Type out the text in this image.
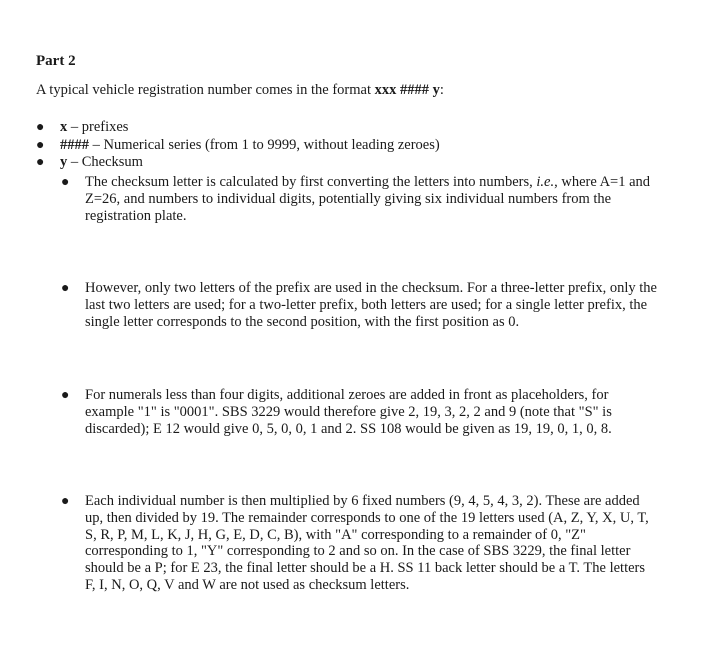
Part 2

A typical vehicle registration number comes in the format xxx #### y:

● x – prefixes
● #### – Numerical series (from 1 to 9999, without leading zeroes)
● y – Checksum
● The checksum letter is calculated by first converting the letters into numbers, i.e., where A=1 and
Z=26, and numbers to individual digits, potentially giving six individual numbers from the
registration plate.
● However, only two letters of the prefix are used in the checksum. For a three-letter prefix, only the
last two letters are used; for a two-letter prefix, both letters are used; for a single letter prefix, the
single letter corresponds to the second position, with the first position as 0.
● For numerals less than four digits, additional zeroes are added in front as placeholders, for
example "1" is "0001". SBS 3229 would therefore give 2, 19, 3, 2, 2 and 9 (note that "S" is
discarded); E 12 would give 0, 5, 0, 0, 1 and 2. SS 108 would be given as 19, 19, 0, 1, 0, 8.
● Each individual number is then multiplied by 6 fixed numbers (9, 4, 5, 4, 3, 2). These are added
up, then divided by 19. The remainder corresponds to one of the 19 letters used (A, Z, Y, X, U, T,
S, R, P, M, L, K, J, H, G, E, D, C, B), with "A" corresponding to a remainder of 0, "Z"
corresponding to 1, "Y" corresponding to 2 and so on. In the case of SBS 3229, the final letter
should be a P; for E 23, the final letter should be a H. SS 11 back letter should be a T. The letters
F, I, N, O, Q, V and W are not used as checksum letters.
